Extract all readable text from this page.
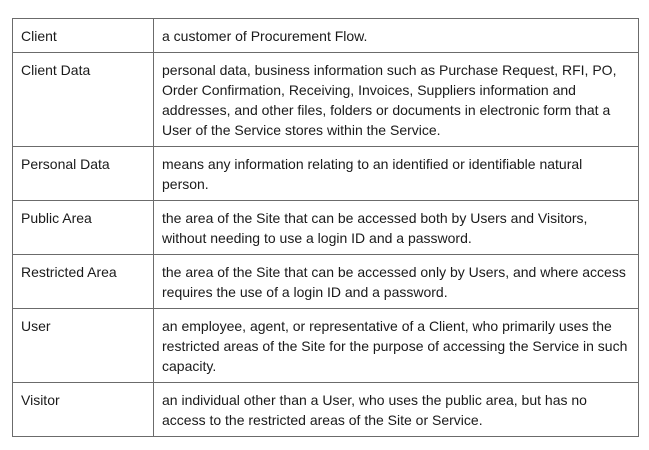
Client	a customer of Procurement Flow.
Client Data	personal data, business information such as Purchase Request, RFI, PO, Order Confirmation, Receiving, Invoices, Suppliers information and addresses, and other files, folders or documents in electronic form that a User of the Service stores within the Service.
Personal Data	means any information relating to an identified or identifiable natural person.
Public Area	the area of the Site that can be accessed both by Users and Visitors, without needing to use a login ID and a password.
Restricted Area	the area of the Site that can be accessed only by Users, and where access requires the use of a login ID and a password.
User	an employee, agent, or representative of a Client, who primarily uses the restricted areas of the Site for the purpose of accessing the Service in such capacity.
Visitor	an individual other than a User, who uses the public area, but has no access to the restricted areas of the Site or Service.
